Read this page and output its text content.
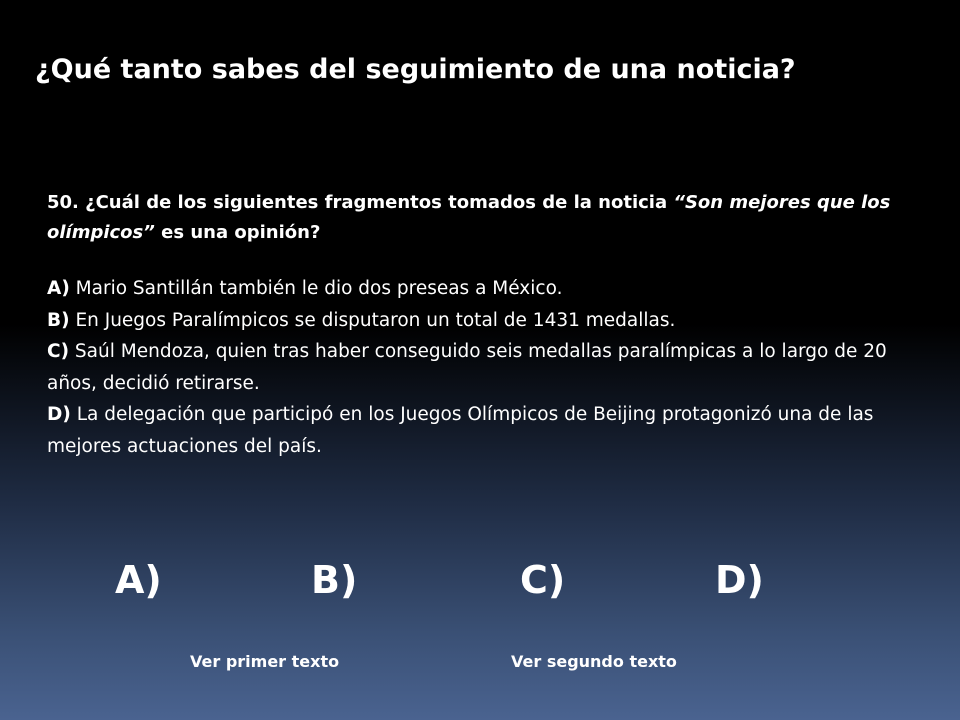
¿Qué tanto sabes del seguimiento de una noticia?

50. ¿Cuál de los siguientes fragmentos tomados de la noticia “Son mejores que los olímpicos” es una opinión?

A) Mario Santillán también le dio dos preseas a México.
B) En Juegos Paralímpicos se disputaron un total de 1431 medallas.
C) Saúl Mendoza, quien tras haber conseguido seis medallas paralímpicas a lo largo de 20 años, decidió retirarse.
D) La delegación que participó en los Juegos Olímpicos de Beijing protagonizó una de las mejores actuaciones del país.
A)	B)	C)	D)
Ver primer texto	Ver segundo texto
